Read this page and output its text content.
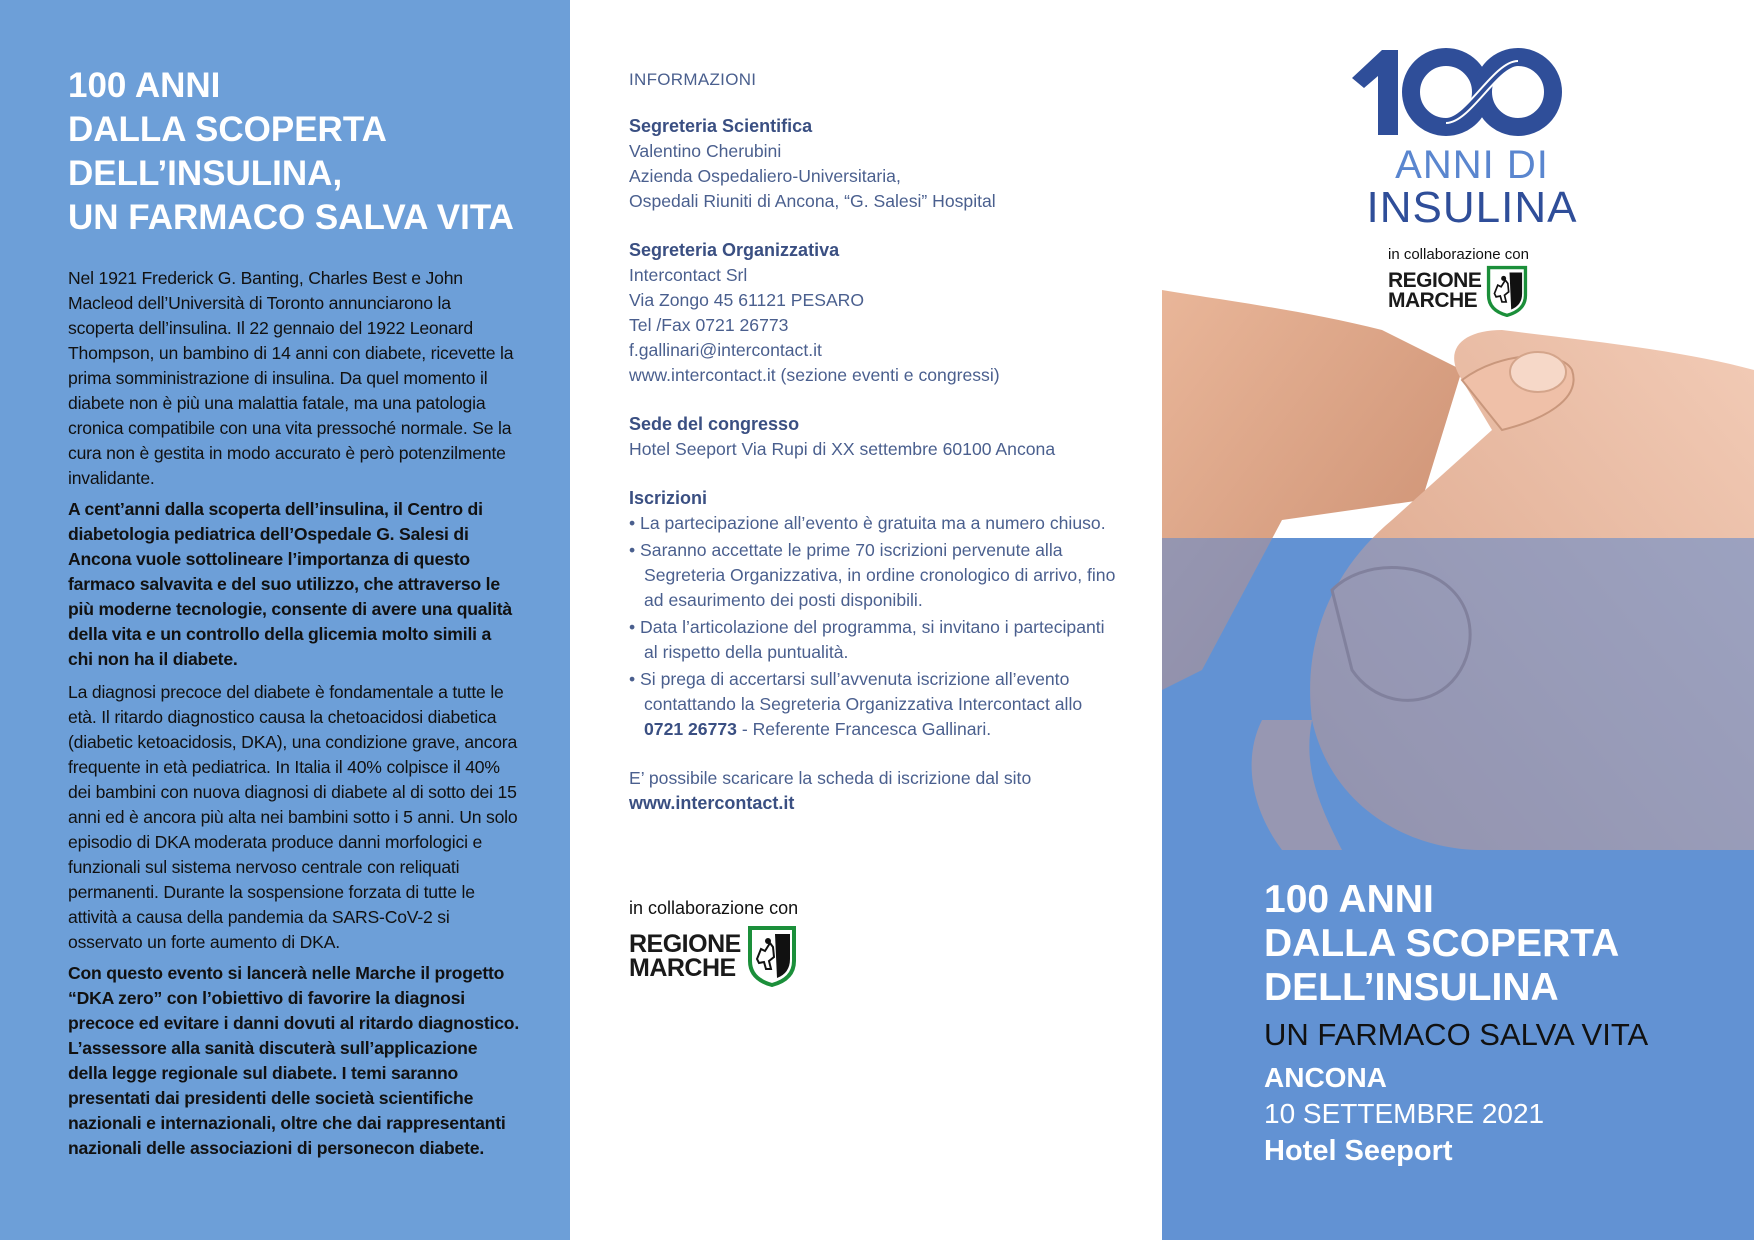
100 ANNI
DALLA SCOPERTA
DELL’INSULINA,
UN FARMACO SALVA VITA

Nel 1921 Frederick G. Banting, Charles Best e John Macleod dell’Università di Toronto annunciarono la scoperta dell’insulina. Il 22 gennaio del 1922 Leonard Thompson, un bambino di 14 anni con diabete, ricevette la prima somministrazione di insulina. Da quel momento il diabete non è più una malattia fatale, ma una patologia cronica compatibile con una vita pressoché normale. Se la cura non è gestita in modo accurato è però potenzilmente invalidante.

A cent’anni dalla scoperta dell’insulina, il Centro di diabetologia pediatrica dell’Ospedale G. Salesi di Ancona vuole sottolineare l’importanza di questo farmaco salvavita e del suo utilizzo, che attraverso le più moderne tecnologie, consente di avere una qualità della vita e un controllo della glicemia molto simili a chi non ha il diabete.

La diagnosi precoce del diabete è fondamentale a tutte le età. Il ritardo diagnostico causa la chetoacidosi diabetica (diabetic ketoacidosis, DKA), una condizione grave, ancora frequente in età pediatrica. In Italia il 40% colpisce il 40% dei bambini con nuova diagnosi di diabete al di sotto dei 15 anni ed è ancora più alta nei bambini sotto i 5 anni. Un solo episodio di DKA moderata produce danni morfologici e funzionali sul sistema nervoso centrale con reliquati permanenti. Durante la sospensione forzata di tutte le attività a causa della pandemia da SARS-CoV-2 si osservato un forte aumento di DKA.

Con questo evento si lancerà nelle Marche il progetto “DKA zero” con l’obiettivo di favorire la diagnosi precoce ed evitare i danni dovuti al ritardo diagnostico. L’assessore alla sanità discuterà sull’applicazione della legge regionale sul diabete. I temi saranno presentati dai presidenti delle società scientifiche nazionali e internazionali, oltre che dai rappresentanti nazionali delle associazioni di personecon diabete.

INFORMAZIONI
Segreteria Scientifica
Valentino Cherubini
Azienda Ospedaliero-Universitaria,
Ospedali Riuniti di Ancona, “G. Salesi” Hospital
Segreteria Organizzativa
Intercontact Srl
Via Zongo 45 61121 PESARO
Tel /Fax 0721 26773
f.gallinari@intercontact.it
www.intercontact.it (sezione eventi e congressi)
Sede del congresso
Hotel Seeport Via Rupi di XX settembre 60100 Ancona
Iscrizioni
• La partecipazione all’evento è gratuita ma a numero chiuso.
• Saranno accettate le prime 70 iscrizioni pervenute alla Segreteria Organizzativa, in ordine cronologico di arrivo, fino ad esaurimento dei posti disponibili.
• Data l’articolazione del programma, si invitano i partecipanti al rispetto della puntualità.
• Si prega di accertarsi sull’avvenuta iscrizione all’evento contattando la Segreteria Organizzativa Intercontact allo
0721 26773 - Referente Francesca Gallinari.
E’ possibile scaricare la scheda di iscrizione dal sito
www.intercontact.it
in collaborazione con
REGIONE
MARCHE
100
ANNI DI
INSULINA
in collaborazione con
REGIONE
MARCHE
100 ANNI
DALLA SCOPERTA
DELL’INSULINA
UN FARMACO SALVA VITA
ANCONA
10 SETTEMBRE 2021
Hotel Seeport
